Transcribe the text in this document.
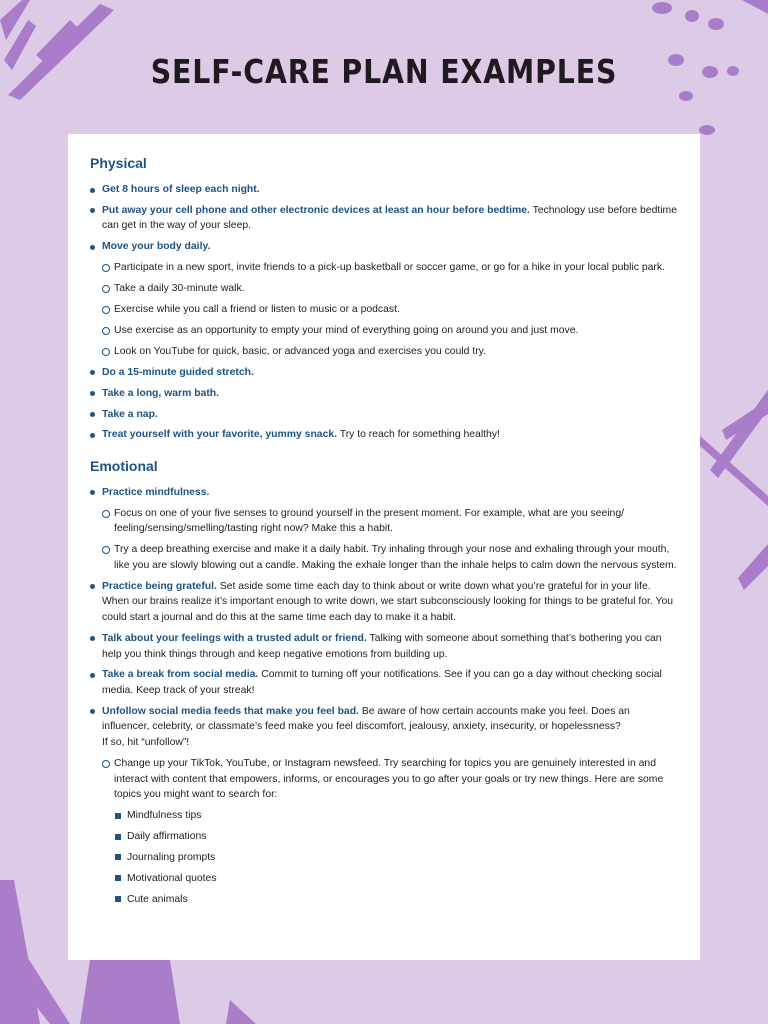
SELF-CARE PLAN EXAMPLES
Physical
Get 8 hours of sleep each night.
Put away your cell phone and other electronic devices at least an hour before bedtime. Technology use before bedtime can get in the way of your sleep.
Move your body daily.
Participate in a new sport, invite friends to a pick-up basketball or soccer game, or go for a hike in your local public park.
Take a daily 30-minute walk.
Exercise while you call a friend or listen to music or a podcast.
Use exercise as an opportunity to empty your mind of everything going on around you and just move.
Look on YouTube for quick, basic, or advanced yoga and exercises you could try.
Do a 15-minute guided stretch.
Take a long, warm bath.
Take a nap.
Treat yourself with your favorite, yummy snack. Try to reach for something healthy!
Emotional
Practice mindfulness.
Focus on one of your five senses to ground yourself in the present moment. For example, what are you seeing/ feeling/sensing/smelling/tasting right now? Make this a habit.
Try a deep breathing exercise and make it a daily habit. Try inhaling through your nose and exhaling through your mouth, like you are slowly blowing out a candle. Making the exhale longer than the inhale helps to calm down the nervous system.
Practice being grateful. Set aside some time each day to think about or write down what you’re grateful for in your life. When our brains realize it’s important enough to write down, we start subconsciously looking for things to be grateful for. You could start a journal and do this at the same time each day to make it a habit.
Talk about your feelings with a trusted adult or friend. Talking with someone about something that’s bothering you can help you think things through and keep negative emotions from building up.
Take a break from social media. Commit to turning off your notifications. See if you can go a day without checking social media. Keep track of your streak!
Unfollow social media feeds that make you feel bad. Be aware of how certain accounts make you feel. Does an influencer, celebrity, or classmate’s feed make you feel discomfort, jealousy, anxiety, insecurity, or hopelessness?
If so, hit “unfollow”!
Change up your TikTok, YouTube, or Instagram newsfeed. Try searching for topics you are genuinely interested in and interact with content that empowers, informs, or encourages you to go after your goals or try new things. Here are some topics you might want to search for:
Mindfulness tips
Daily affirmations
Journaling prompts
Motivational quotes
Cute animals
